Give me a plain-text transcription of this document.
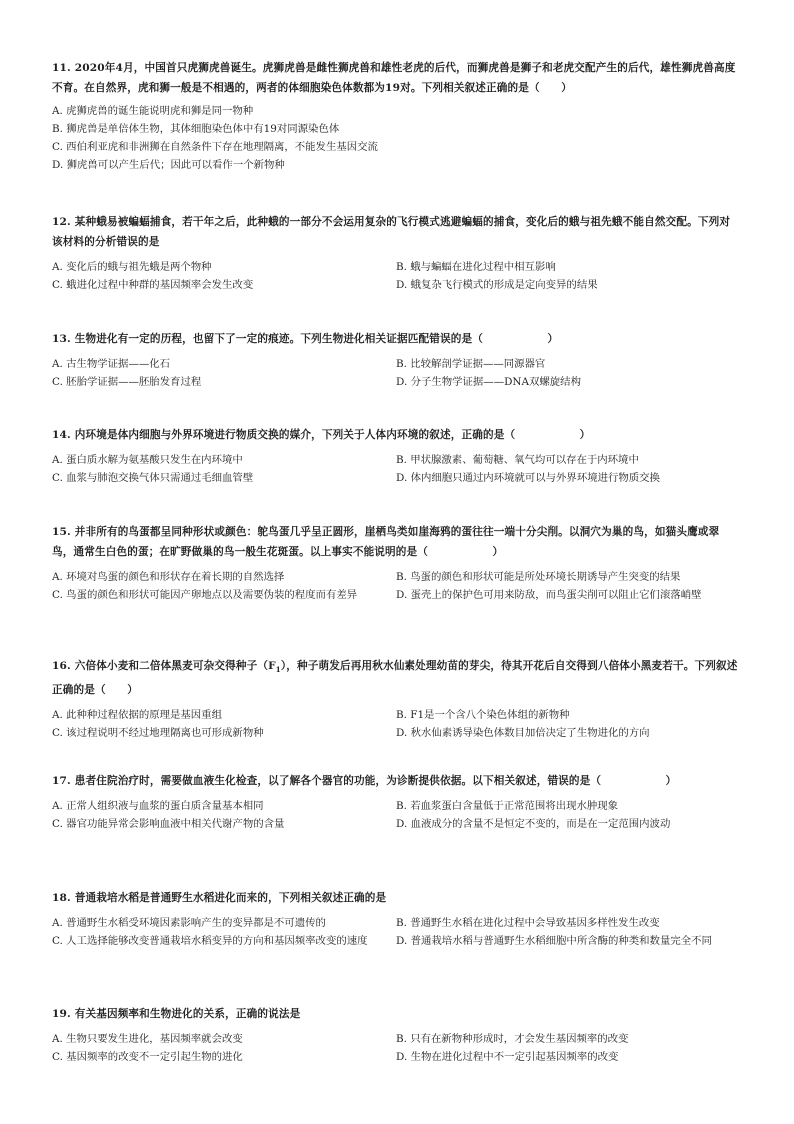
11. 2020年4月，中国首只虎狮虎兽诞生。虎狮虎兽是雌性狮虎兽和雄性老虎的后代，而狮虎兽是狮子和老虎交配产生的后代，雄性狮虎兽高度不育。在自然界，虎和狮一般是不相遇的，两者的体细胞染色体数都为19对。下列相关叙述正确的是（　　）
A. 虎狮虎兽的诞生能说明虎和狮是同一物种
B. 狮虎兽是单倍体生物，其体细胞染色体中有19对同源染色体
C. 西伯利亚虎和非洲狮在自然条件下存在地理隔离，不能发生基因交流
D. 狮虎兽可以产生后代；因此可以看作一个新物种
12. 某种蛾易被蝙蝠捕食，若干年之后，此种蛾的一部分不会运用复杂的飞行模式逃避蝙蝠的捕食，变化后的蛾与祖先蛾不能自然交配。下列对该材料的分析错误的是
A. 变化后的蛾与祖先蛾是两个物种	B. 蛾与蝙蝠在进化过程中相互影响
C. 蛾进化过程中种群的基因频率会发生改变	D. 蛾复杂飞行模式的形成是定向变异的结果
13. 生物进化有一定的历程，也留下了一定的痕迹。下列生物进化相关证据匹配错误的是（　　　　　　）
A. 古生物学证据——化石	B. 比较解剖学证据——同源器官
C. 胚胎学证据——胚胎发育过程	D. 分子生物学证据——DNA双螺旋结构
14. 内环境是体内细胞与外界环境进行物质交换的媒介，下列关于人体内环境的叙述，正确的是（　　　　　　）
A. 蛋白质水解为氨基酸只发生在内环境中	B. 甲状腺激素、葡萄糖、氧气均可以存在于内环境中
C. 血浆与肺泡交换气体只需通过毛细血管壁	D. 体内细胞只通过内环境就可以与外界环境进行物质交换
15. 并非所有的鸟蛋都呈同种形状或颜色：鸵鸟蛋几乎呈正圆形，崖栖鸟类如崖海鸦的蛋往往一端十分尖削。以洞穴为巢的鸟，如猫头鹰或翠鸟，通常生白色的蛋；在旷野做巢的鸟一般生花斑蛋。以上事实不能说明的是（　　　　　　）
A. 环境对鸟蛋的颜色和形状存在着长期的自然选择	B. 鸟蛋的颜色和形状可能是所处环境长期诱导产生突变的结果
C. 鸟蛋的颜色和形状可能因产卵地点以及需要伪装的程度而有差异	D. 蛋壳上的保护色可用来防敌，而鸟蛋尖削可以阻止它们滚落峭壁
16. 六倍体小麦和二倍体黑麦可杂交得种子$(F_1)$，种子萌发后再用秋水仙素处理幼苗的芽尖，待其开花后自交得到八倍体小黑麦若干。下列叙述正确的是（　　）
A. 此种种过程依据的原理是基因重组	B. F1是一个含八个染色体组的新物种
C. 该过程说明不经过地理隔离也可形成新物种	D. 秋水仙素诱导染色体数目加倍决定了生物进化的方向
17. 患者住院治疗时，需要做血液生化检查，以了解各个器官的功能，为诊断提供依据。以下相关叙述，错误的是（　　　　　　）
A. 正常人组织液与血浆的蛋白质含量基本相同	B. 若血浆蛋白含量低于正常范围将出现水肿现象
C. 器官功能异常会影响血液中相关代谢产物的含量	D. 血液成分的含量不是恒定不变的，而是在一定范围内波动
18. 普通栽培水稻是普通野生水稻进化而来的，下列相关叙述正确的是
A. 普通野生水稻受环境因素影响产生的变异都是不可遗传的	B. 普通野生水稻在进化过程中会导致基因多样性发生改变
C. 人工选择能够改变普通栽培水稻变异的方向和基因频率改变的速度	D. 普通栽培水稻与普通野生水稻细胞中所含酶的种类和数量完全不同
19. 有关基因频率和生物进化的关系，正确的说法是
A. 生物只要发生进化，基因频率就会改变	B. 只有在新物种形成时，才会发生基因频率的改变
C. 基因频率的改变不一定引起生物的进化	D. 生物在进化过程中不一定引起基因频率的改变
